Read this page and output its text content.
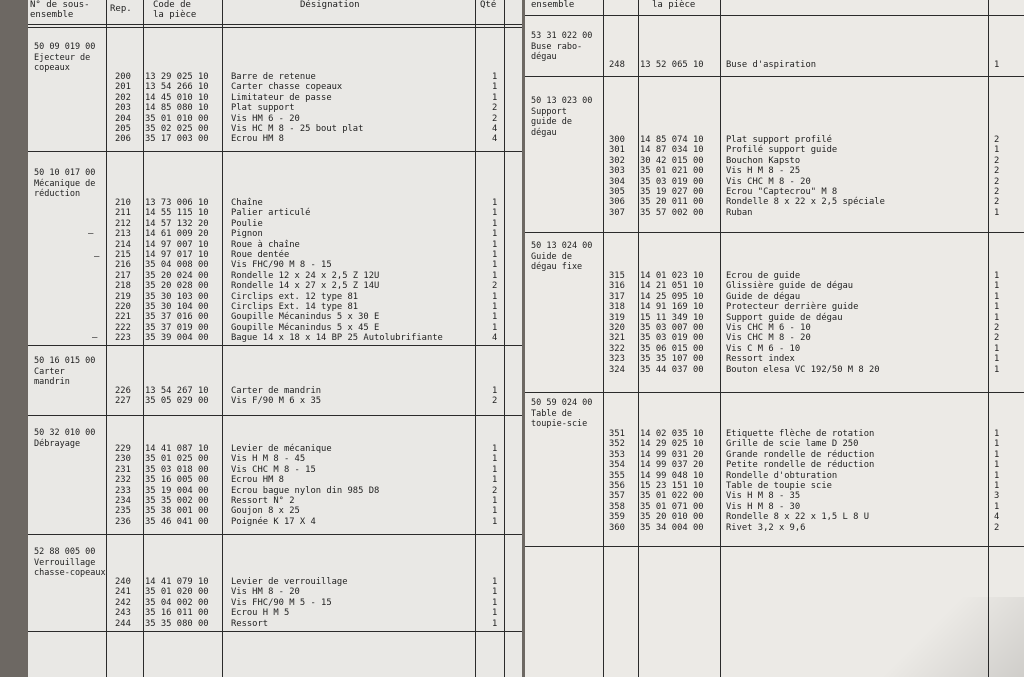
N° de sous-
ensemble
Rep. Code de
la pièce
Désignation	Qté
–
–
–
50 09 019 00
Ejecteur de
copeaux
200 13 29 025 10	Barre de retenue	1
201 13 54 266 10	Carter chasse copeaux	1
202 14 45 010 10	Limitateur de passe	1
203 14 85 080 10	Plat support	2
204 35 01 010 00	Vis HM 6 - 20	2
205 35 02 025 00	Vis HC M 8 - 25 bout plat	4
206 35 17 003 00	Ecrou HM 8	4
50 10 017 00
Mécanique de
réduction
210 13 73 006 10	Chaîne	1
211 14 55 115 10	Palier articulé	1
212 14 57 132 20	Poulie	1
213 14 61 009 20	Pignon	1
214 14 97 007 10	Roue à chaîne	1
215 14 97 017 10	Roue dentée	1
216 35 04 008 00	Vis FHC/90 M 8 - 15	1
217 35 20 024 00	Rondelle 12 x 24 x 2,5 Z 12U	1
218 35 20 028 00	Rondelle 14 x 27 x 2,5 Z 14U	2
219 35 30 103 00	Circlips ext. 12 type 81	1
220 35 30 104 00	Circlips Ext. 14 type 81	1
221 35 37 016 00	Goupille Mécanindus 5 x 30 E	1
222 35 37 019 00	Goupille Mécanindus 5 x 45 E	1
223 35 39 004 00	Bague 14 x 18 x 14 BP 25 Autolubrifiante	4
50 16 015 00
Carter
mandrin
226 13 54 267 10	Carter de mandrin	1
227 35 05 029 00	Vis F/90 M 6 x 35	2
50 32 010 00
Débrayage
229 14 41 087 10	Levier de mécanique	1
230 35 01 025 00	Vis H M 8 - 45	1
231 35 03 018 00	Vis CHC M 8 - 15	1
232 35 16 005 00	Ecrou HM 8	1
233 35 19 004 00	Ecrou bague nylon din 985 D8	2
234 35 35 002 00	Ressort N° 2	1
235 35 38 001 00	Goujon 8 x 25	1
236 35 46 041 00	Poignée K 17 X 4	1
52 88 005 00
Verrouillage
chasse-copeaux
240 14 41 079 10	Levier de verrouillage	1
241 35 01 020 00	Vis HM 8 - 20	1
242 35 04 002 00	Vis FHC/90 M 5 - 15	1
243 35 16 011 00	Ecrou H M 5	1
244 35 35 080 00	Ressort	1
ensemble	la pièce
53 31 022 00
Buse rabo-
dégau
248 13 52 065 10	Buse d'aspiration	1
50 13 023 00
Support
guide de
dégau
300 14 85 074 10	Plat support profilé	2
301 14 87 034 10	Profilé support guide	1
302 30 42 015 00	Bouchon Kapsto	2
303 35 01 021 00	Vis H M 8 - 25	2
304 35 03 019 00	Vis CHC M 8 - 20	2
305 35 19 027 00	Ecrou "Captecrou" M 8	2
306 35 20 011 00	Rondelle 8 x 22 x 2,5 spéciale	2
307 35 57 002 00	Ruban	1
50 13 024 00
Guide de
dégau fixe
315 14 01 023 10	Ecrou de guide	1
316 14 21 051 10	Glissière guide de dégau	1
317 14 25 095 10	Guide de dégau	1
318 14 91 169 10	Protecteur derrière guide	1
319 15 11 349 10	Support guide de dégau	1
320 35 03 007 00	Vis CHC M 6 - 10	2
321 35 03 019 00	Vis CHC M 8 - 20	2
322 35 06 015 00	Vis C M 6 - 10	1
323 35 35 107 00	Ressort index	1
324 35 44 037 00	Bouton elesa VC 192/50 M 8 20	1
50 59 024 00
Table de
toupie-scie
351 14 02 035 10	Etiquette flèche de rotation	1
352 14 29 025 10	Grille de scie lame D 250	1
353 14 99 031 20	Grande rondelle de réduction	1
354 14 99 037 20	Petite rondelle de réduction	1
355 14 99 048 10	Rondelle d'obturation	1
356 15 23 151 10	Table de toupie scie	1
357 35 01 022 00	Vis H M 8 - 35	3
358 35 01 071 00	Vis H M 8 - 30	1
359 35 20 010 00	Rondelle 8 x 22 x 1,5 L 8 U	4
360 35 34 004 00	Rivet 3,2 x 9,6	2
